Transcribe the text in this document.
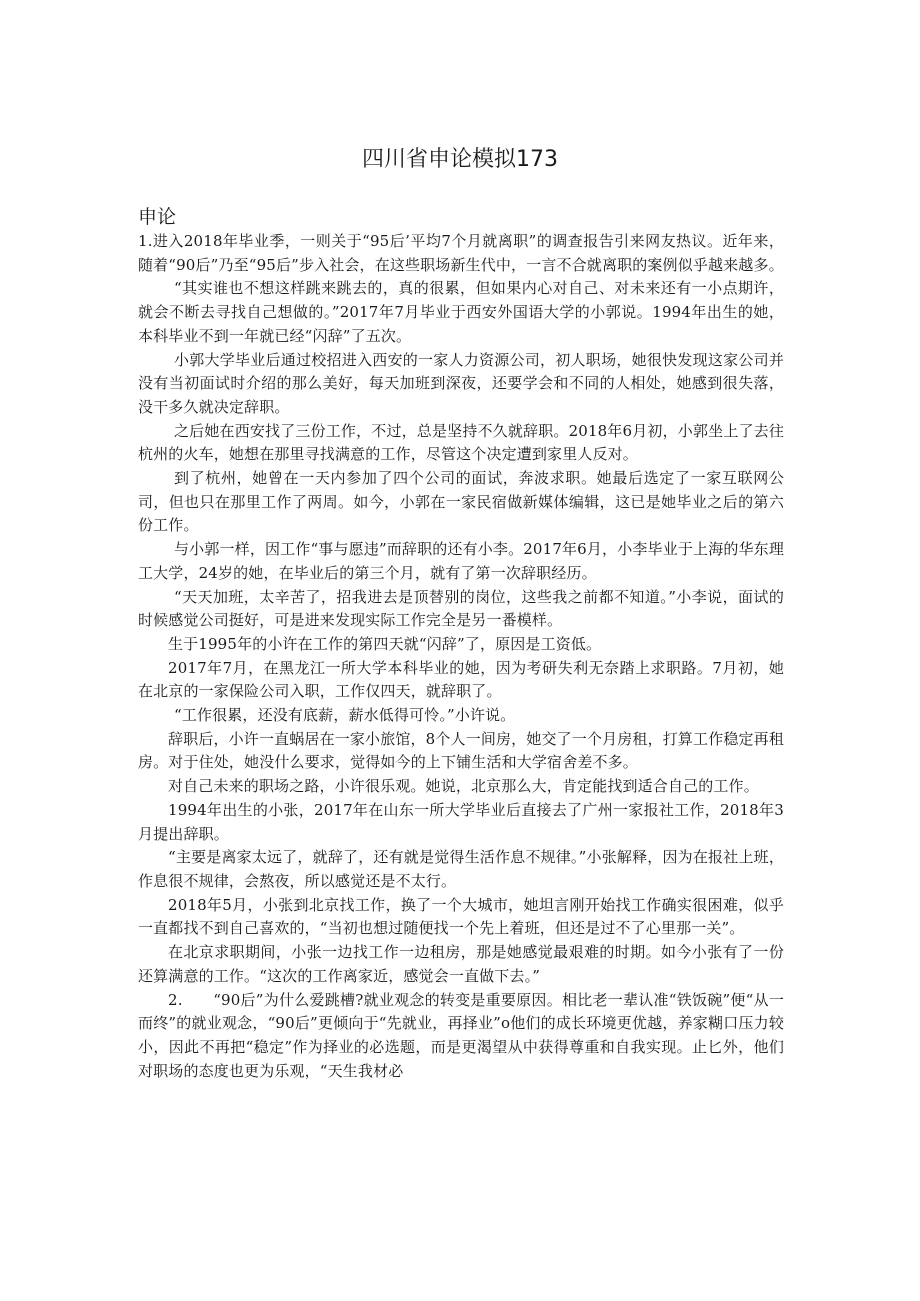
四川省申论模拟173
申论

1.进入2018年毕业季，一则关于“95后’平均7个月就离职”的调查报告引来网友热议。近年来，随着“90后”乃至“95后”步入社会，在这些职场新生代中，一言不合就离职的案例似乎越来越多。

“其实谁也不想这样跳来跳去的，真的很累，但如果内心对自己、对未来还有一小点期许，就会不断去寻找自己想做的。”2017年7月毕业于西安外国语大学的小郭说。1994年出生的她，本科毕业不到一年就已经“闪辞”了五次。

小郭大学毕业后通过校招进入西安的一家人力资源公司，初人职场，她很快发现这家公司并没有当初面试时介绍的那么美好，每天加班到深夜，还要学会和不同的人相处，她感到很失落，没干多久就决定辞职。

之后她在西安找了三份工作，不过，总是坚持不久就辞职。2018年6月初，小郭坐上了去往杭州的火车，她想在那里寻找满意的工作，尽管这个决定遭到家里人反对。

到了杭州，她曾在一天内参加了四个公司的面试，奔波求职。她最后选定了一家互联网公司，但也只在那里工作了两周。如今，小郭在一家民宿做新媒体编辑，这已是她毕业之后的第六份工作。

与小郭一样，因工作“事与愿违”而辞职的还有小李。2017年6月，小李毕业于上海的华东理工大学，24岁的她，在毕业后的第三个月，就有了第一次辞职经历。

“天天加班，太辛苦了，招我进去是顶替别的岗位，这些我之前都不知道。”小李说，面试的时候感觉公司挺好，可是进来发现实际工作完全是另一番模样。

生于1995年的小许在工作的第四天就“闪辞”了，原因是工资低。

2017年7月，在黑龙江一所大学本科毕业的她，因为考研失利无奈踏上求职路。7月初，她在北京的一家保险公司入职，工作仅四天，就辞职了。

“工作很累，还没有底薪，薪水低得可怜。”小许说。

辞职后，小许一直蜗居在一家小旅馆，8个人一间房，她交了一个月房租，打算工作稳定再租房。对于住处，她没什么要求，觉得如今的上下铺生活和大学宿舍差不多。

对自己未来的职场之路，小许很乐观。她说，北京那么大，肯定能找到适合自己的工作。

1994年出生的小张，2017年在山东一所大学毕业后直接去了广州一家报社工作，2018年3月提出辞职。

“主要是离家太远了，就辞了，还有就是觉得生活作息不规律。”小张解释，因为在报社上班，作息很不规律，会熬夜，所以感觉还是不太行。

2018年5月，小张到北京找工作，换了一个大城市，她坦言刚开始找工作确实很困难，似乎一直都找不到自己喜欢的，“当初也想过随便找一个先上着班，但还是过不了心里那一关”。

在北京求职期间，小张一边找工作一边租房，那是她感觉最艰难的时期。如今小张有了一份还算满意的工作。“这次的工作离家近，感觉会一直做下去。”

2.　　“90后”为什么爱跳槽?就业观念的转变是重要原因。相比老一辈认准“铁饭碗”便“从一而终”的就业观念，“90后”更倾向于“先就业，再择业”o他们的成长环境更优越，养家糊口压力较小，因此不再把“稳定”作为择业的必选题，而是更渴望从中获得尊重和自我实现。止匕外，他们对职场的态度也更为乐观，“天生我材必
